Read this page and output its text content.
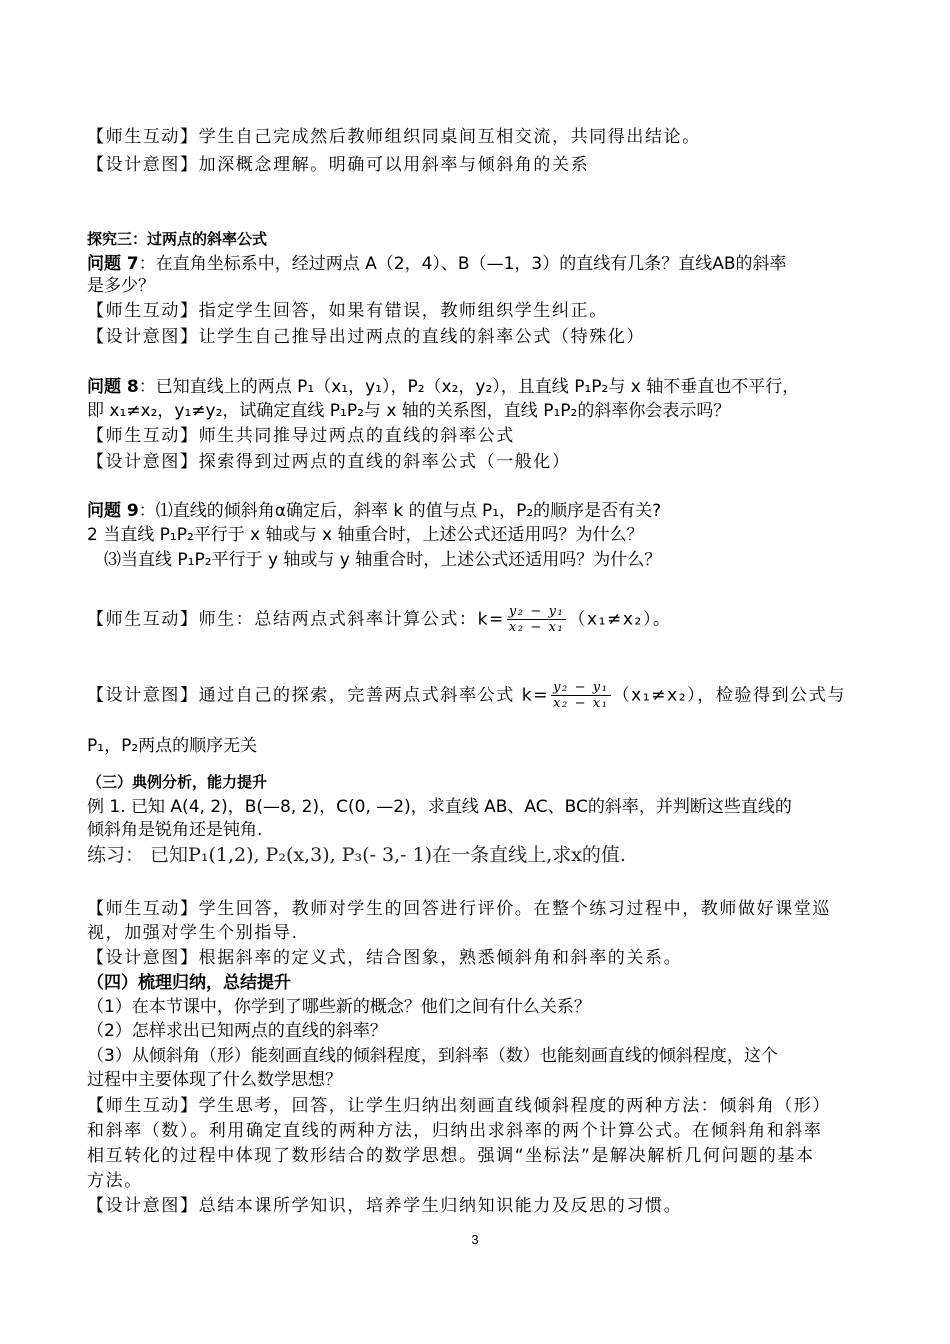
【师生互动】学生自己完成然后教师组织同桌间互相交流，共同得出结论。
【设计意图】加深概念理解。明确可以用斜率与倾斜角的关系
探究三：过两点的斜率公式
问题 7：在直角坐标系中，经过两点 A（2，4）、B（—1，3）的直线有几条？直线AB的斜率
是多少？
【师生互动】指定学生回答，如果有错误，教师组织学生纠正。
【设计意图】让学生自己推导出过两点的直线的斜率公式（特殊化）
问题 8：已知直线上的两点 P₁（x₁，y₁），P₂（x₂，y₂），且直线 P₁P₂与 x 轴不垂直也不平行，
即 x₁≠x₂，y₁≠y₂，试确定直线 P₁P₂与 x 轴的关系图，直线 P₁P₂的斜率你会表示吗？
【师生互动】师生共同推导过两点的直线的斜率公式
【设计意图】探索得到过两点的直线的斜率公式（一般化）
问题 9：⑴直线的倾斜角α确定后，斜率 k 的值与点 P₁，P₂的顺序是否有关?
2 当直线 P₁P₂平行于 x 轴或与 x 轴重合时，上述公式还适用吗？为什么？
⑶当直线 P₁P₂平行于 y 轴或与 y 轴重合时，上述公式还适用吗？为什么？
【师生互动】师生：总结两点式斜率计算公式：$k= \frac{\text{y₂ − y₁}}{\text{x₂ − x₁}} (x_1\ne x_2)$。
【设计意图】通过自己的探索，完善两点式斜率公式 $k= \frac{\text{y₂ − y₁}}{\text{x₂ − x₁}} (x_1\ne x_2)$，检验得到公式与
P₁，P₂两点的顺序无关
（三）典例分析，能力提升
例 1. 已知 A(4, 2)，B(—8, 2)，C(0, —2)，求直线 AB、AC、BC的斜率，并判断这些直线的
倾斜角是锐角还是钝角.
练习： 已知P₁(1,2), P₂(x,3), P₃(- 3,- 1)在一条直线上,求x的值.
【师生互动】学生回答，教师对学生的回答进行评价。在整个练习过程中，教师做好课堂巡
视，加强对学生个别指导.
【设计意图】根据斜率的定义式，结合图象，熟悉倾斜角和斜率的关系。
（四）梳理归纳，总结提升
（1）在本节课中，你学到了哪些新的概念？他们之间有什么关系？
（2）怎样求出已知两点的直线的斜率？
（3）从倾斜角（形）能刻画直线的倾斜程度，到斜率（数）也能刻画直线的倾斜程度，这个
过程中主要体现了什么数学思想？
【师生互动】学生思考，回答，让学生归纳出刻画直线倾斜程度的两种方法：倾斜角（形）
和斜率（数）。利用确定直线的两种方法，归纳出求斜率的两个计算公式。在倾斜角和斜率
相互转化的过程中体现了数形结合的数学思想。强调“坐标法”是解决解析几何问题的基本
方法。
【设计意图】总结本课所学知识，培养学生归纳知识能力及反思的习惯。
3
